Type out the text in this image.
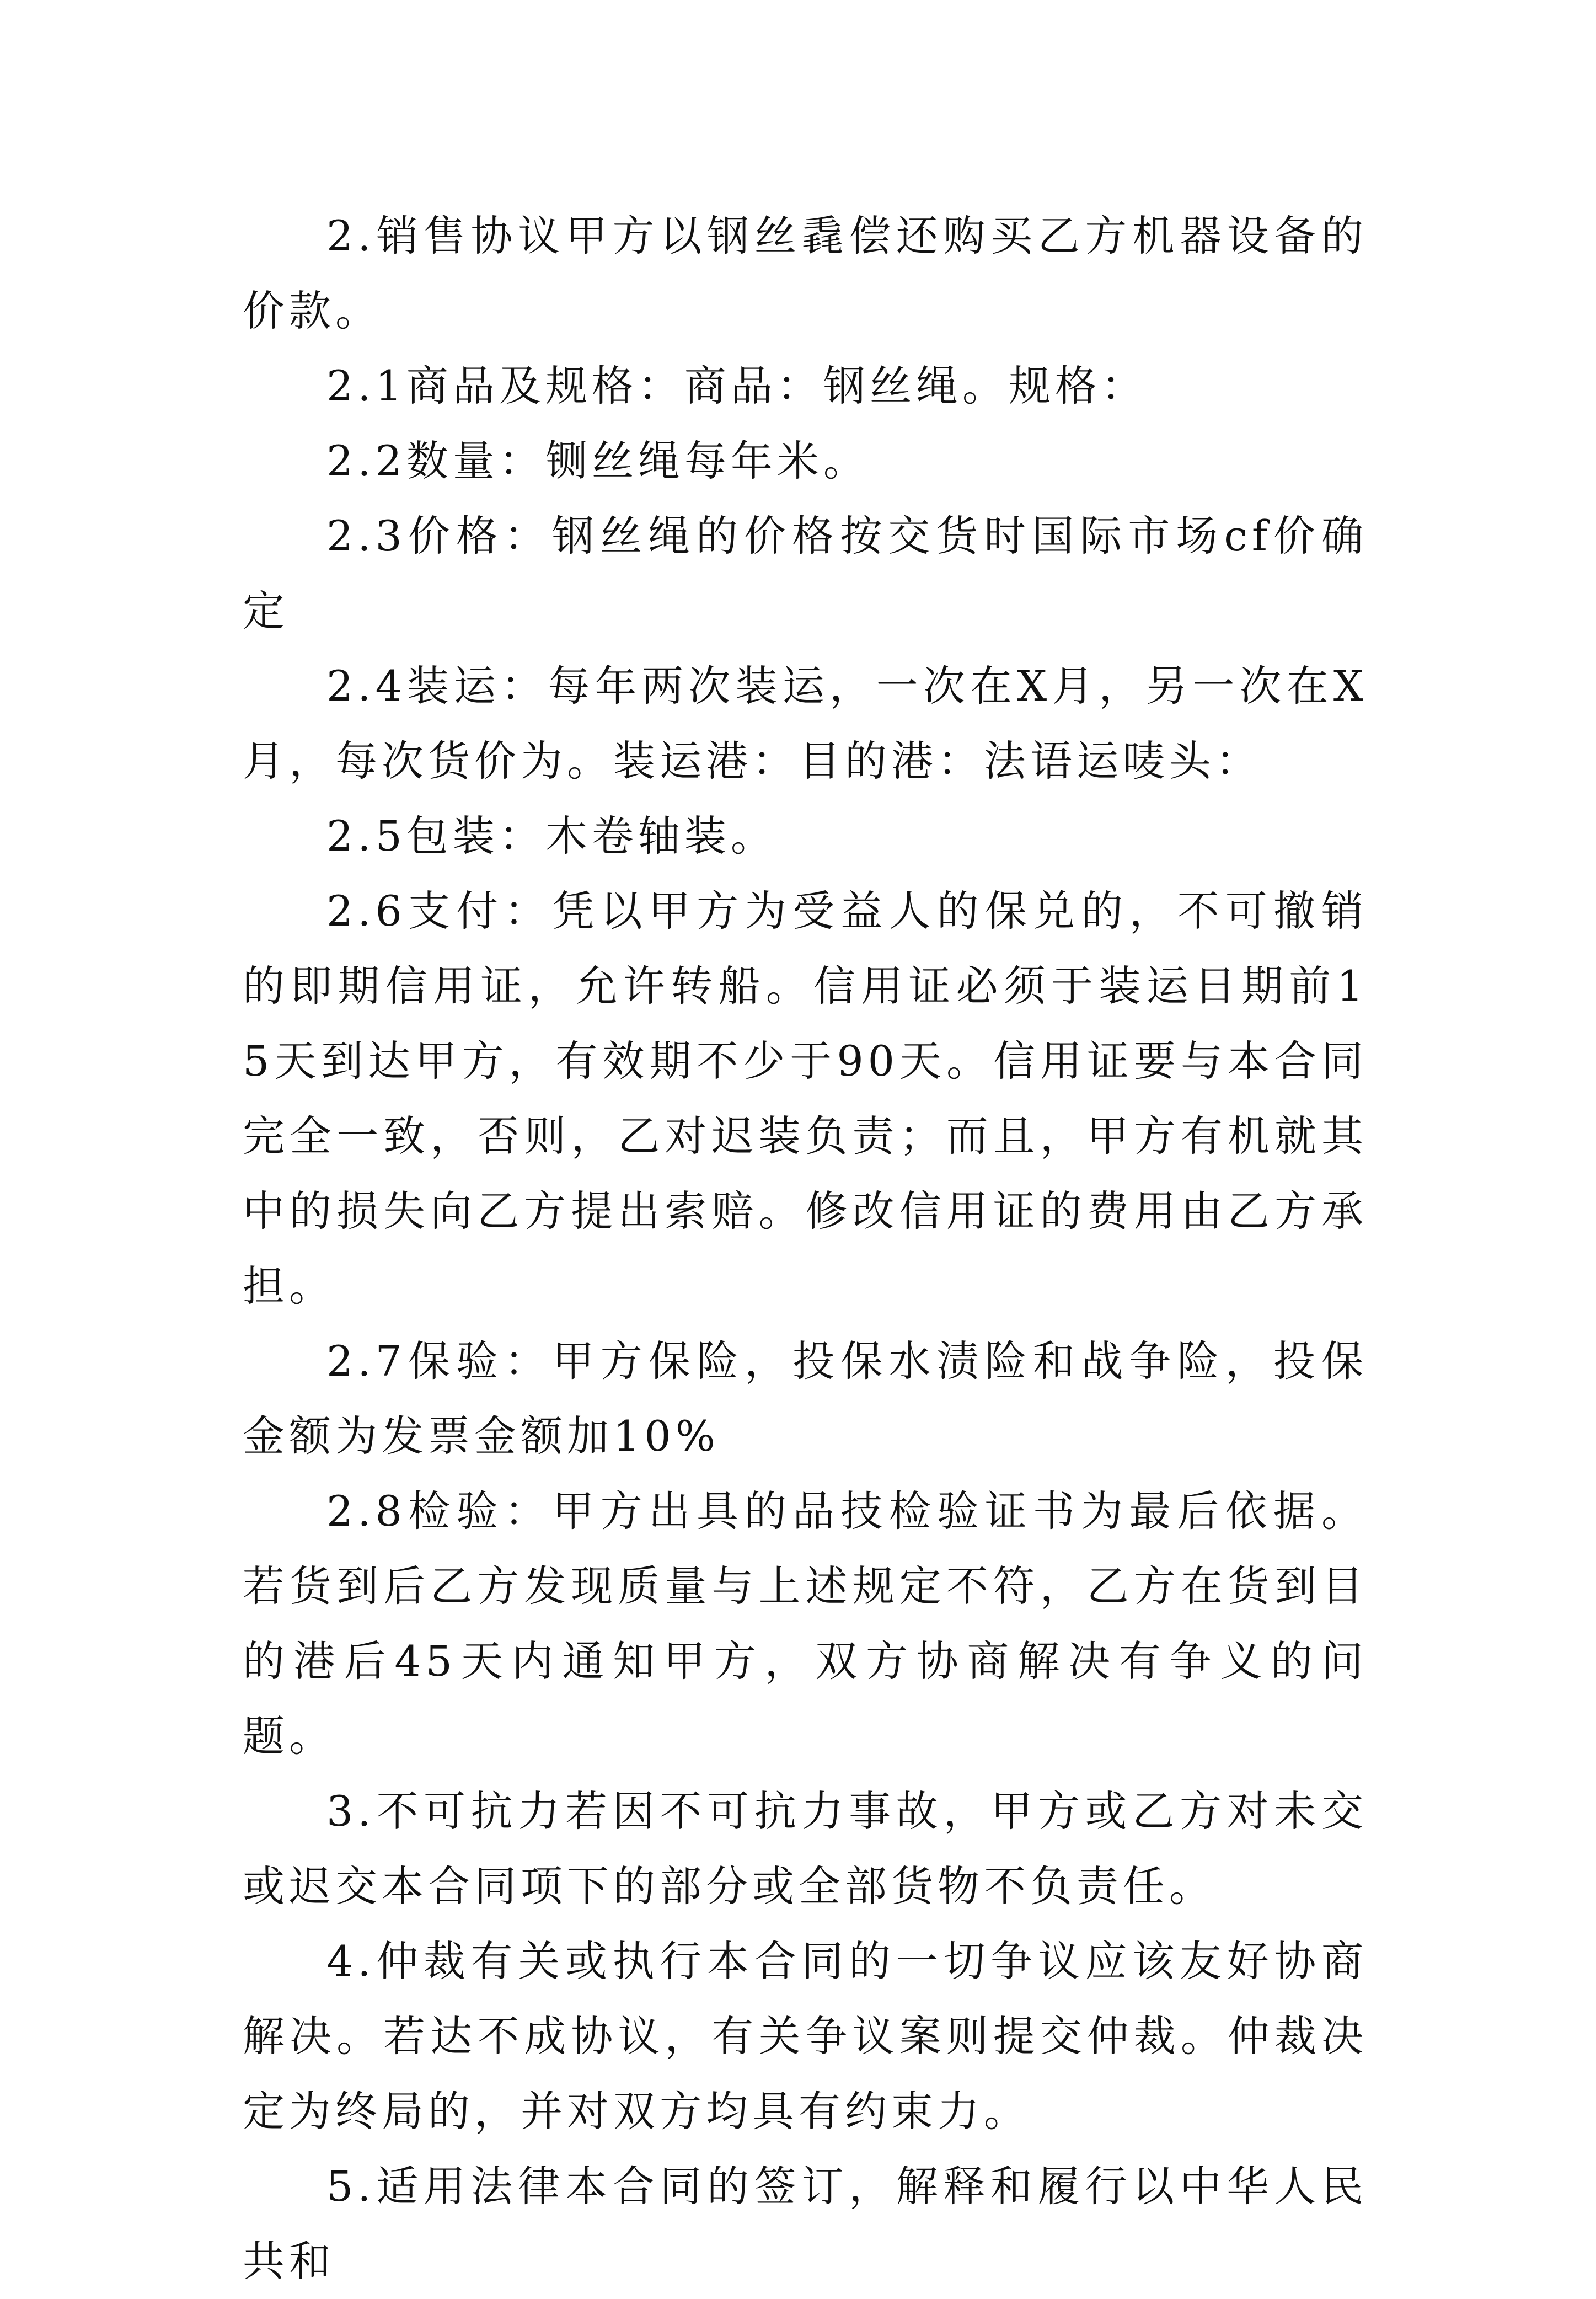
2.销售协议甲方以钢丝毳偿还购买乙方机器设备的价款。

2.1商品及规格：商品：钢丝绳。规格：

2.2数量：铡丝绳每年米。

2.3价格：钢丝绳的价格按交货时国际市场cf价确定

2.4装运：每年两次装运，一次在X月，另一次在X月，每次货价为。装运港：目的港：法语运唛头：

2.5包装：木卷轴装。

2.6支付：凭以甲方为受益人的保兑的，不可撤销的即期信用证，允许转船。信用证必须于装运日期前15天到达甲方，有效期不少于90天。信用证要与本合同完全一致，否则，乙对迟装负责；而且，甲方有机就其中的损失向乙方提出索赔。修改信用证的费用由乙方承担。

2.7保验：甲方保险，投保水渍险和战争险，投保金额为发票金额加10%

2.8检验：甲方出具的品技检验证书为最后依据。若货到后乙方发现质量与上述规定不符，乙方在货到目的港后45天内通知甲方，双方协商解决有争义的问题。

3.不可抗力若因不可抗力事故，甲方或乙方对未交或迟交本合同项下的部分或全部货物不负责任。

4.仲裁有关或执行本合同的一切争议应该友好协商解决。若达不成协议，有关争议案则提交仲裁。仲裁决定为终局的，并对双方均具有约束力。

5.适用法律本合同的签订，解释和履行以中华人民共和
